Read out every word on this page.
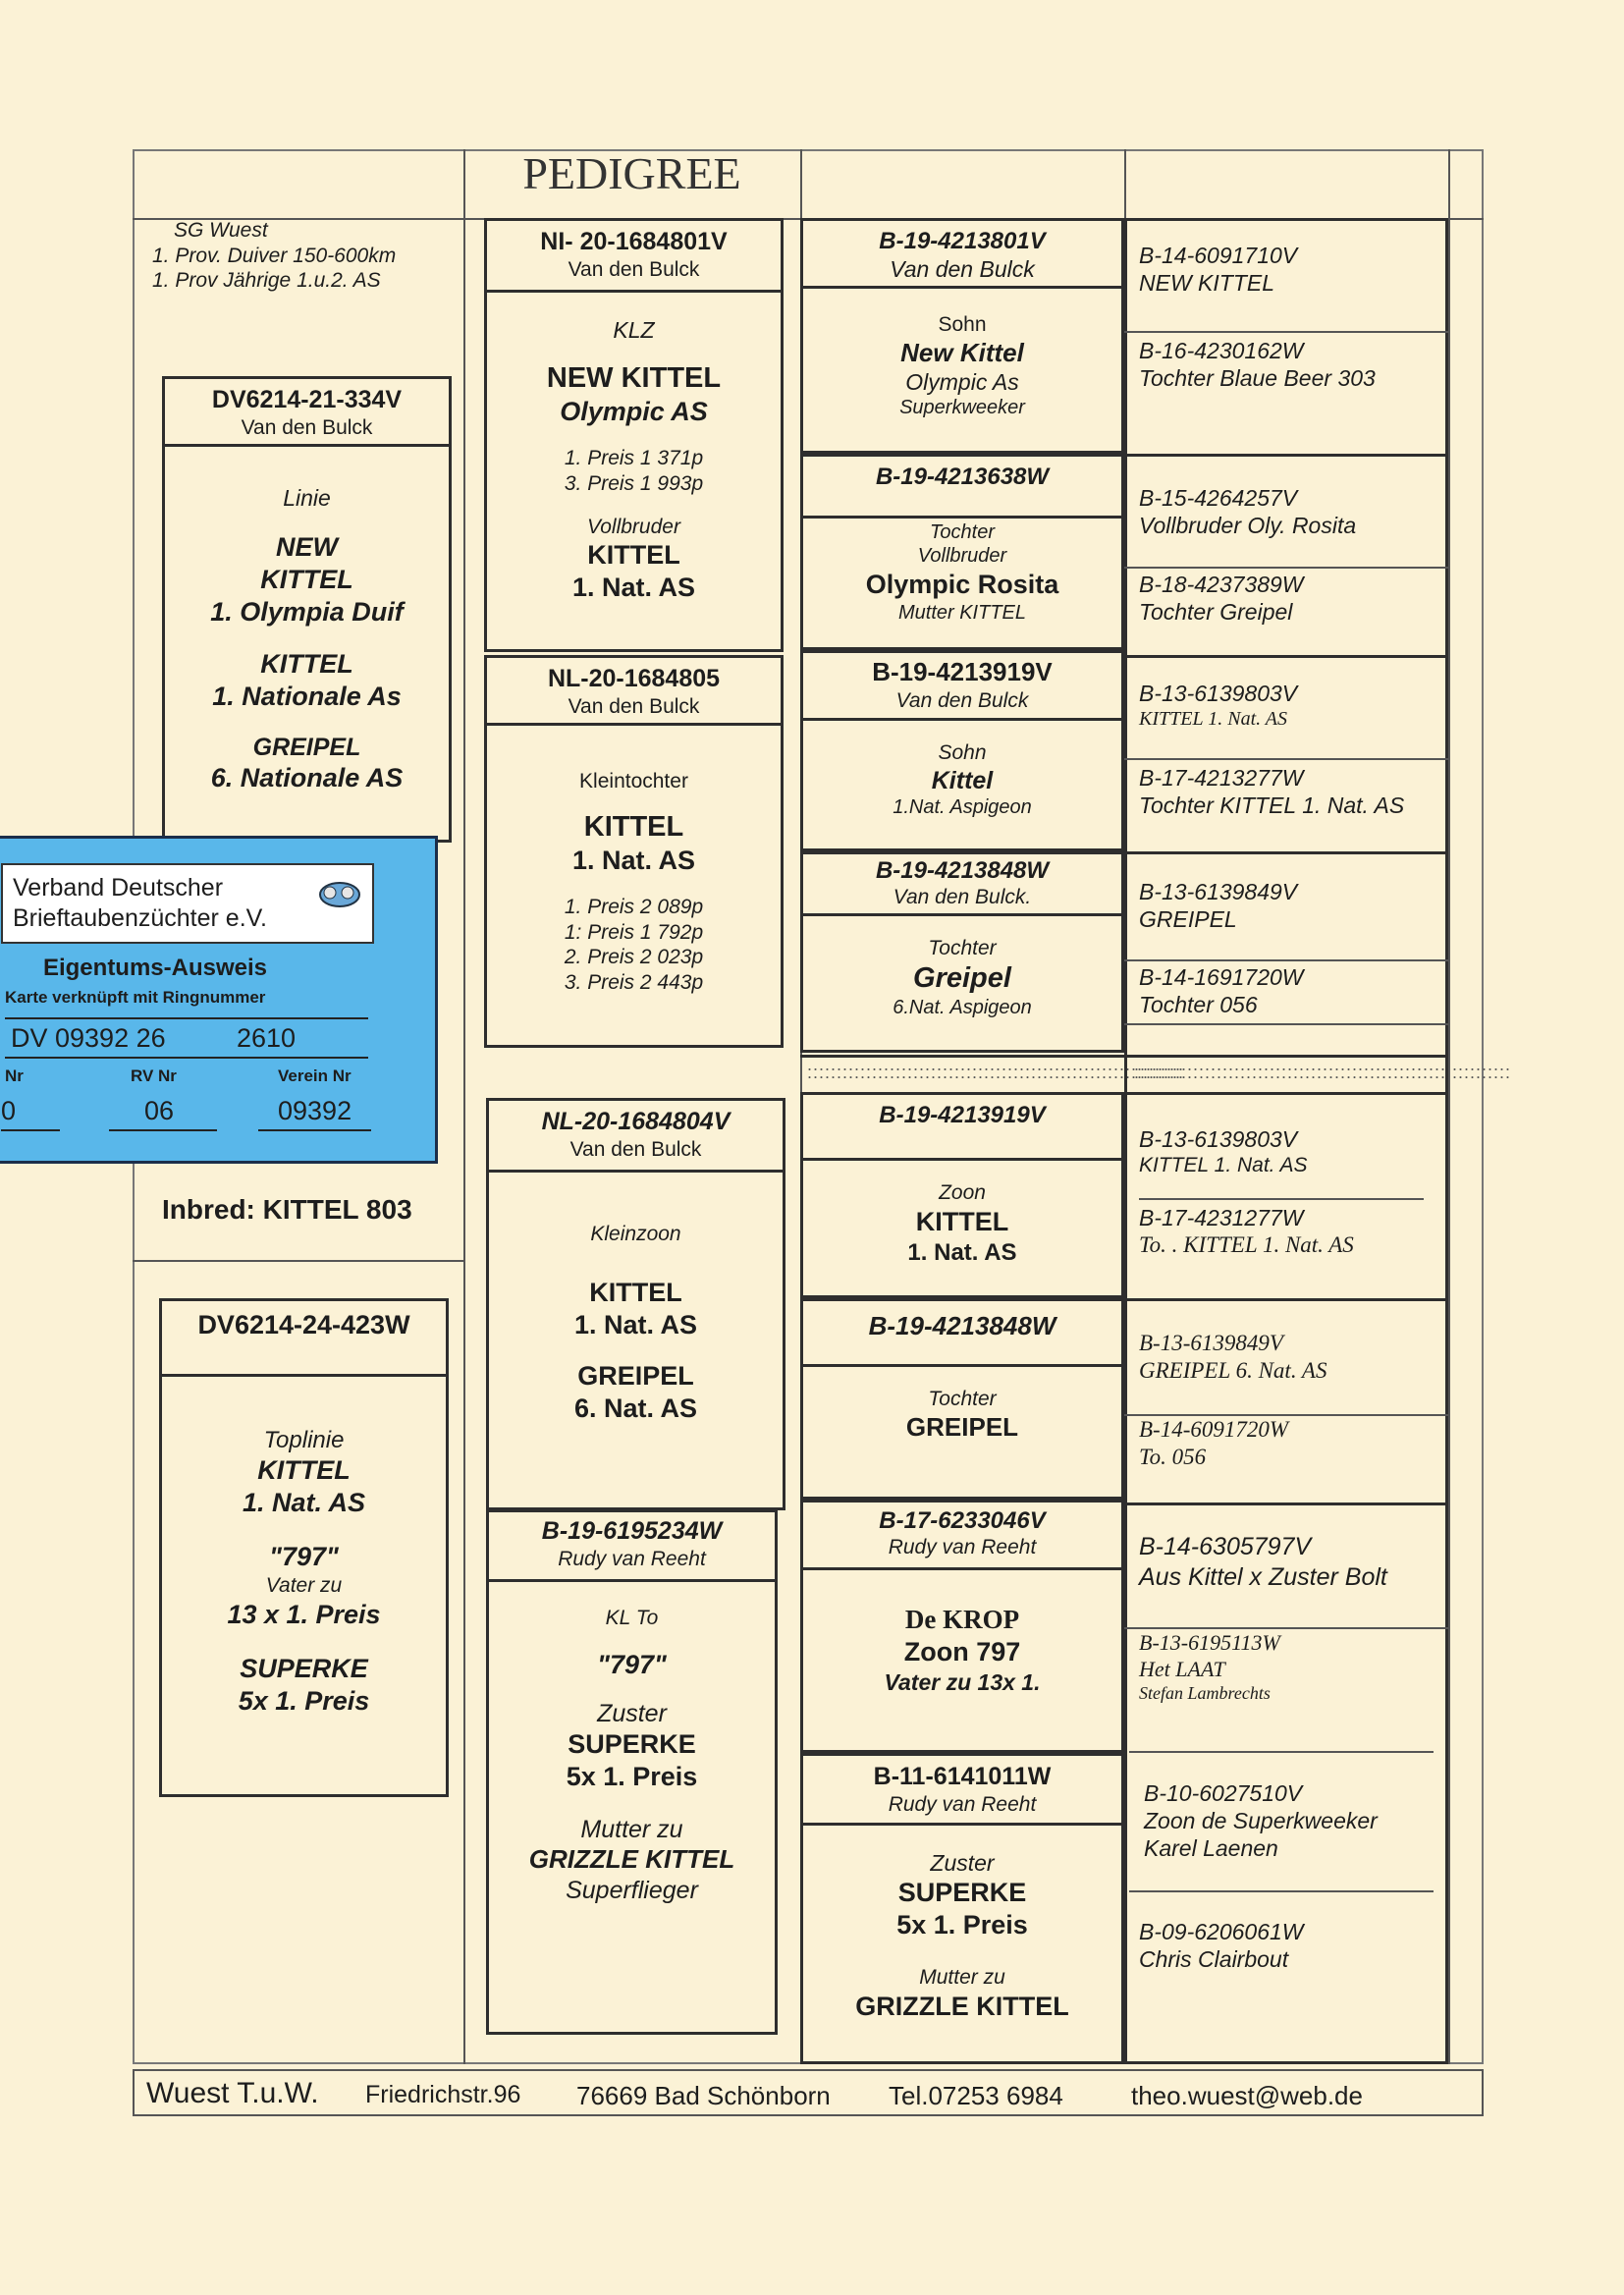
PEDIGREE
SG Wuest
1. Prov. Duiver 150-600km
1. Prov Jährige 1.u.2. AS
DV6214-21-334V
Van den Bulck
Linie
NEW
KITTEL
1. Olympia Duif
KITTEL
1. Nationale As
GREIPEL
6. Nationale AS
Inbred: KITTEL 803
DV6214-24-423W
Toplinie
KITTEL
1. Nat. AS
"797"
Vater zu
13 x 1. Preis
SUPERKE
5x 1. Preis
Verband Deutscher
Brieftaubenzüchter e.V.
Eigentums-Ausweis
Karte verknüpft mit Ringnummer
DV 09392 26	2610
Nr	RV Nr	Verein Nr
0	06	09392
NI- 20-1684801V
Van den Bulck
KLZ
NEW KITTEL
Olympic AS
1. Preis 1 371p
3. Preis 1 993p
Vollbruder
KITTEL
1. Nat. AS
NL-20-1684805
Van den Bulck
Kleintochter
KITTEL
1. Nat. AS
1. Preis 2 089p
1: Preis 1 792p
2. Preis 2 023p
3. Preis 2 443p
NL-20-1684804V
Van den Bulck
Kleinzoon
KITTEL
1. Nat. AS
GREIPEL
6. Nat. AS
B-19-6195234W
Rudy van Reeht
KL To
"797"
Zuster
SUPERKE
5x 1. Preis
Mutter zu
GRIZZLE KITTEL
Superflieger
B-19-4213801V
Van den Bulck
Sohn
New Kittel
Olympic As
Superkweeker
B-19-4213638W
Tochter
Vollbruder
Olympic Rosita
Mutter KITTEL
B-19-4213919V
Van den Bulck
Sohn
Kittel
1.Nat. Aspigeon
B-19-4213848W
Van den Bulck.
Tochter
Greipel
6.Nat. Aspigeon
::::::::::::::::::::::::::::::::::::::::::::::::::::::::::::::::
::::::::::::::::::::::::::::::::::::::::::::::::::::::::::::::::
B-19-4213919V
Zoon
KITTEL
1. Nat. AS
B-19-4213848W
Tochter
GREIPEL
B-17-6233046V
Rudy van Reeht
De KROP
Zoon 797
Vater zu 13x 1.
B-11-6141011W
Rudy van Reeht
Zuster
SUPERKE
5x 1. Preis
Mutter zu
GRIZZLE KITTEL
B-14-6091710V
NEW KITTEL
B-16-4230162W
Tochter Blaue Beer 303
B-15-4264257V
Vollbruder Oly. Rosita
B-18-4237389W
Tochter Greipel
B-13-6139803V
KITTEL 1. Nat. AS
B-17-4213277W
Tochter KITTEL 1. Nat. AS
B-13-6139849V
GREIPEL
B-14-1691720W
Tochter 056
B-13-6139803V
KITTEL 1. Nat. AS
B-17-4231277W
To. . KITTEL 1. Nat. AS
B-13-6139849V
GREIPEL 6. Nat. AS
B-14-6091720W
To. 056
B-14-6305797V
Aus Kittel x Zuster Bolt
B-13-6195113W
Het LAAT
Stefan Lambrechts
B-10-6027510V
Zoon de Superkweeker
Karel Laenen
B-09-6206061W
Chris Clairbout
Wuest T.u.W. Friedrichstr.96 76669 Bad Schönborn Tel.07253 6984	theo.wuest@web.de
